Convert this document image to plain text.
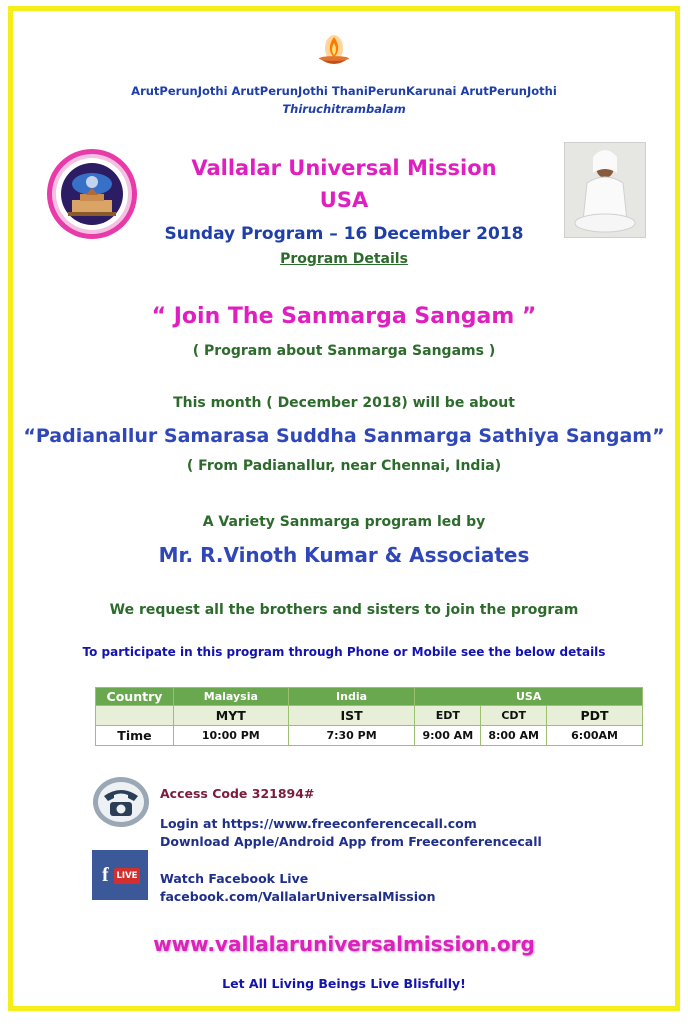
ArutPerunJothi ArutPerunJothi ThaniPerunKarunai ArutPerunJothi
Thiruchitrambalam
Vallalar Universal Mission
USA
Sunday Program – 16 December 2018
Program Details
“ Join The Sanmarga Sangam ”
( Program about Sanmarga Sangams )
This month ( December 2018) will be about
“Padianallur Samarasa Suddha Sanmarga Sathiya Sangam”
( From Padianallur, near Chennai, India)
A Variety Sanmarga program led by
Mr. R.Vinoth Kumar & Associates
We request all the brothers and sisters to join the program
To participate in this program through Phone or Mobile see the below details
Country	Malaysia	India	USA		
	MYT	IST	EDT	CDT	PDT
Time	10:00 PM	7:30 PM	9:00 AM	8:00 AM	6:00AM
Access Code 321894#
Login at https://www.freeconferencecall.com
Download Apple/Android App from Freeconferencecall
f LIVE Watch Facebook Live
facebook.com/VallalarUniversalMission
www.vallalaruniversalmission.org
Let All Living Beings Live Blisfully!
